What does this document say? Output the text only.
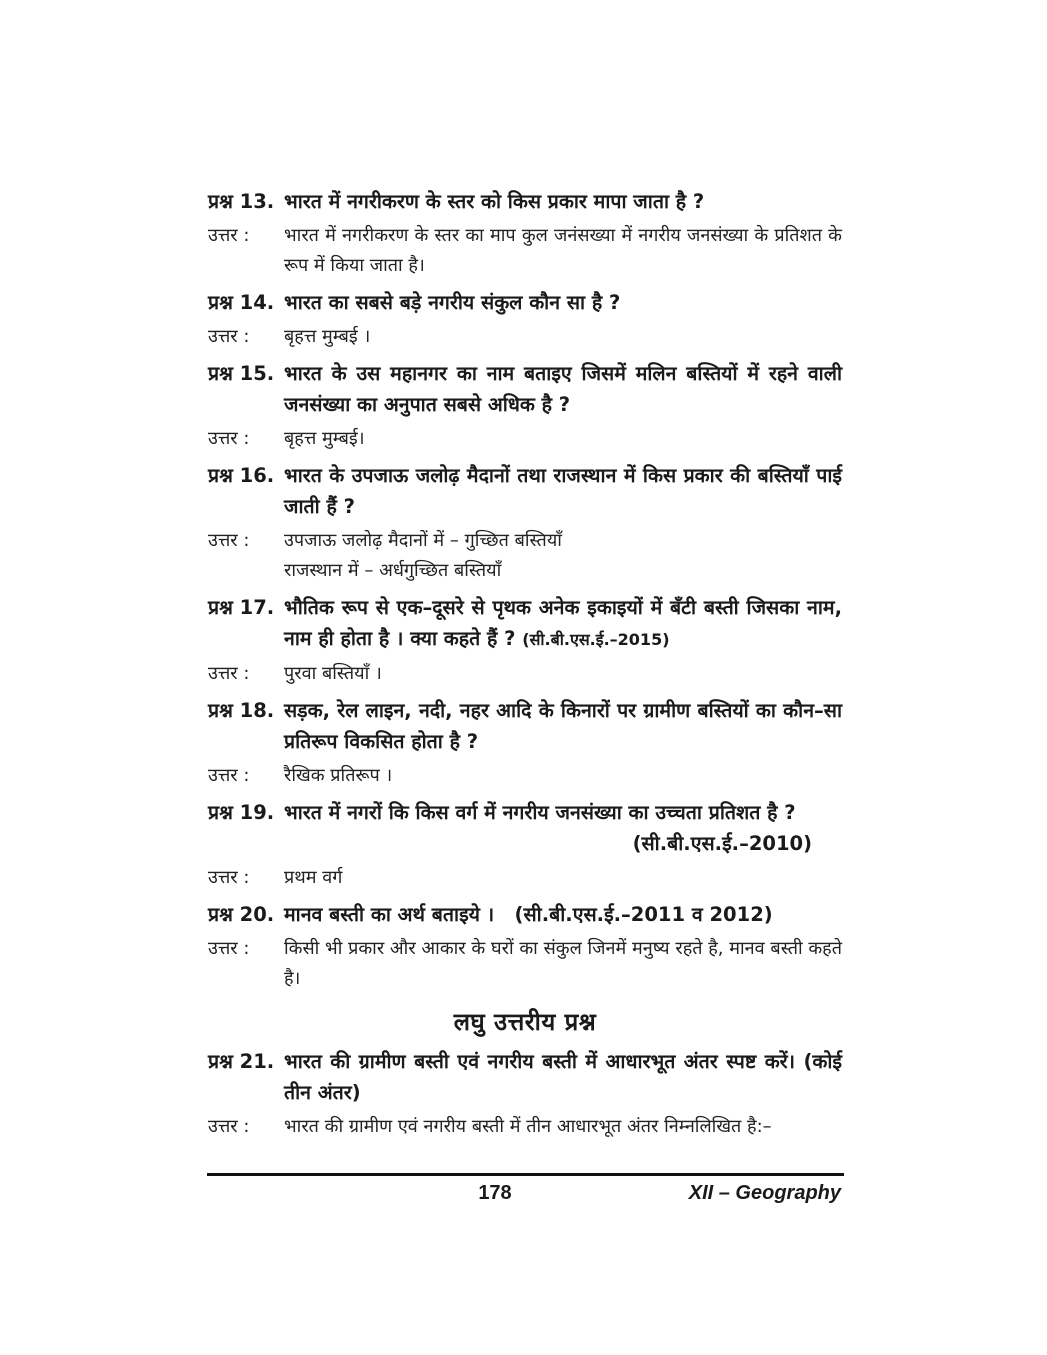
प्रश्न 13. भारत में नगरीकरण के स्तर को किस प्रकार मापा जाता है ?
उत्तर :	भारत में नगरीकरण के स्तर का माप कुल जनंसख्या में नगरीय जनसंख्या के प्रतिशत के रूप में किया जाता है।
प्रश्न 14. भारत का सबसे बड़े नगरीय संकुल कौन सा है ?
उत्तर :	बृहत्त मुम्बई ।
प्रश्न 15. भारत के उस महानगर का नाम बताइए जिसमें मलिन बस्तियों में रहने वाली जनसंख्या का अनुपात सबसे अधिक है ?
उत्तर :	बृहत्त मुम्बई।
प्रश्न 16. भारत के उपजाऊ जलोढ़ मैदानों तथा राजस्थान में किस प्रकार की बस्तियाँ पाई जाती हैं ?
उत्तर :	उपजाऊ जलोढ़ मैदानों में – गुच्छित बस्तियाँ
राजस्थान में – अर्धगुच्छित बस्तियाँ
प्रश्न 17. भौतिक रूप से एक–दूसरे से पृथक अनेक इकाइयों में बँटी बस्ती जिसका नाम, नाम ही होता है । क्या कहते हैं ? (सी.बी.एस.ई.–2015)
उत्तर :	पुरवा बस्तियाँ ।
प्रश्न 18. सड़क, रेल लाइन, नदी, नहर आदि के किनारों पर ग्रामीण बस्तियों का कौन–सा प्रतिरूप विकसित होता है ?
उत्तर :	रैखिक प्रतिरूप ।
प्रश्न 19. भारत में नगरों कि किस वर्ग में नगरीय जनसंख्या का उच्चता प्रतिशत है ?
(सी.बी.एस.ई.–2010)
उत्तर :	प्रथम वर्ग
प्रश्न 20. मानव बस्ती का अर्थ बताइये । (सी.बी.एस.ई.–2011 व 2012)
उत्तर :	किसी भी प्रकार और आकार के घरों का संकुल जिनमें मनुष्य रहते है, मानव बस्ती कहते है।
लघु उत्तरीय प्रश्न
प्रश्न 21. भारत की ग्रामीण बस्ती एवं नगरीय बस्ती में आधारभूत अंतर स्पष्ट करें। (कोई तीन अंतर)
उत्तर :	भारत की ग्रामीण एवं नगरीय बस्ती में तीन आधारभूत अंतर निम्नलिखित है:–
178	XII – Geography
